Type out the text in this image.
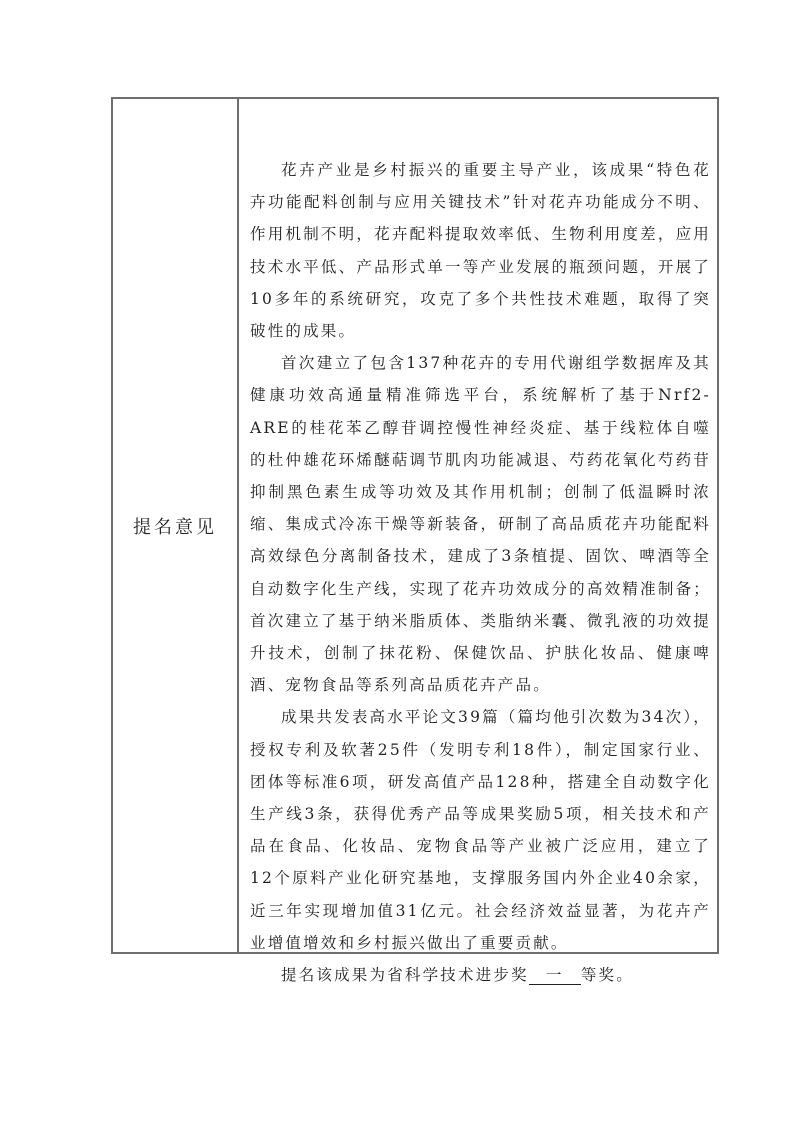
提名意见

花卉产业是乡村振兴的重要主导产业，该成果“特色花卉功能配料创制与应用关键技术”针对花卉功能成分不明、作用机制不明，花卉配料提取效率低、生物利用度差，应用技术水平低、产品形式单一等产业发展的瓶颈问题，开展了10多年的系统研究，攻克了多个共性技术难题，取得了突破性的成果。

首次建立了包含137种花卉的专用代谢组学数据库及其健康功效高通量精准筛选平台，系统解析了基于Nrf2-ARE的桂花苯乙醇苷调控慢性神经炎症、基于线粒体自噬的杜仲雄花环烯醚萜调节肌肉功能减退、芍药花氧化芍药苷抑制黑色素生成等功效及其作用机制；创制了低温瞬时浓缩、集成式冷冻干燥等新装备，研制了高品质花卉功能配料高效绿色分离制备技术，建成了3条植提、固饮、啤酒等全自动数字化生产线，实现了花卉功效成分的高效精准制备；首次建立了基于纳米脂质体、类脂纳米囊、微乳液的功效提升技术，创制了抹花粉、保健饮品、护肤化妆品、健康啤酒、宠物食品等系列高品质花卉产品。

成果共发表高水平论文39篇（篇均他引次数为34次），授权专利及软著25件（发明专利18件），制定国家行业、团体等标准6项，研发高值产品128种，搭建全自动数字化生产线3条，获得优秀产品等成果奖励5项，相关技术和产品在食品、化妆品、宠物食品等产业被广泛应用，建立了12个原料产业化研究基地，支撑服务国内外企业40余家，近三年实现增加值31亿元。社会经济效益显著，为花卉产业增值增效和乡村振兴做出了重要贡献。

提名该成果为省科学技术进步奖 一 等奖。
